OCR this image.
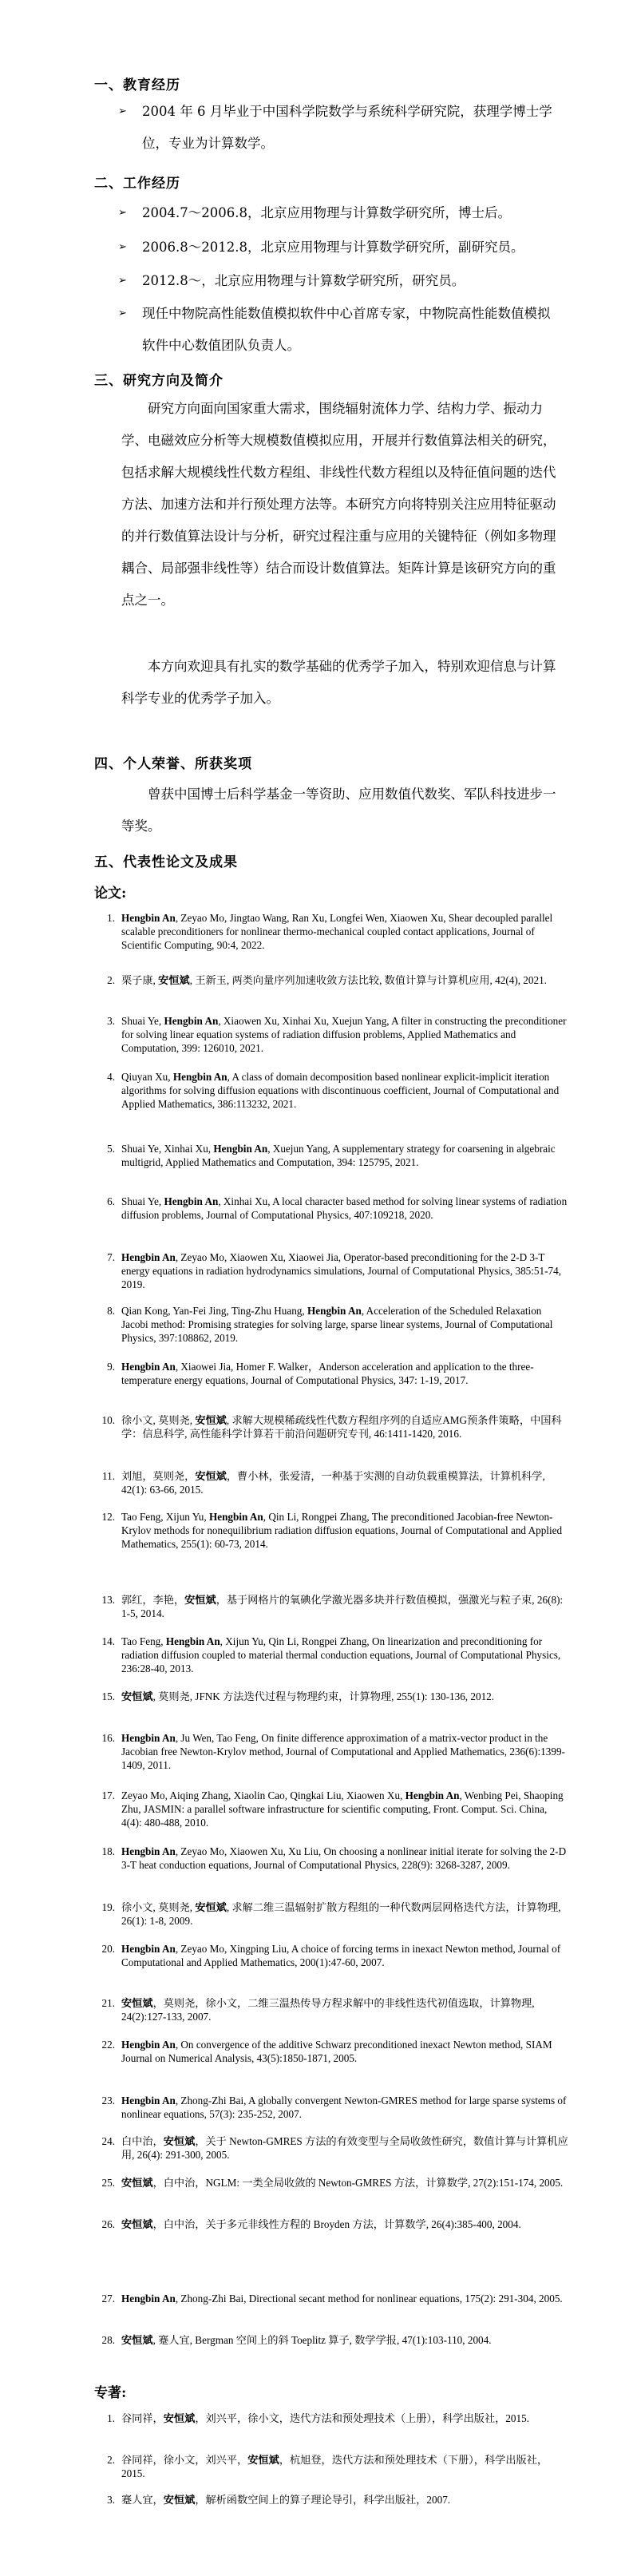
一、教育经历
➢ 2004 年 6 月毕业于中国科学院数学与系统科学研究院，获理学博士学位，专业为计算数学。
二、工作经历
➢ 2004.7～2006.8，北京应用物理与计算数学研究所，博士后。
➢ 2006.8～2012.8，北京应用物理与计算数学研究所，副研究员。
➢ 2012.8～，北京应用物理与计算数学研究所，研究员。
➢ 现任中物院高性能数值模拟软件中心首席专家，中物院高性能数值模拟软件中心数值团队负责人。
三、研究方向及简介
研究方向面向国家重大需求，围绕辐射流体力学、结构力学、振动力学、电磁效应分析等大规模数值模拟应用，开展并行数值算法相关的研究，包括求解大规模线性代数方程组、非线性代数方程组以及特征值问题的迭代方法、加速方法和并行预处理方法等。本研究方向将特别关注应用特征驱动的并行数值算法设计与分析，研究过程注重与应用的关键特征（例如多物理耦合、局部强非线性等）结合而设计数值算法。矩阵计算是该研究方向的重点之一。
本方向欢迎具有扎实的数学基础的优秀学子加入，特别欢迎信息与计算科学专业的优秀学子加入。
四、个人荣誉、所获奖项
曾获中国博士后科学基金一等资助、应用数值代数奖、军队科技进步一等奖。
五、代表性论文及成果
论文:
1. Hengbin An, Zeyao Mo, Jingtao Wang, Ran Xu, Longfei Wen, Xiaowen Xu, Shear decoupled parallel scalable preconditioners for nonlinear thermo-mechanical coupled contact applications, Journal of Scientific Computing, 90:4, 2022.
2. 栗子康, 安恒斌, 王新玉, 两类向量序列加速收敛方法比较, 数值计算与计算机应用, 42(4), 2021.
3. Shuai Ye, Hengbin An, Xiaowen Xu, Xinhai Xu, Xuejun Yang, A filter in constructing the preconditioner for solving linear equation systems of radiation diffusion problems, Applied Mathematics and Computation, 399: 126010, 2021.
4. Qiuyan Xu, Hengbin An, A class of domain decomposition based nonlinear explicit-implicit iteration algorithms for solving diffusion equations with discontinuous coefficient, Journal of Computational and Applied Mathematics, 386:113232, 2021.
5. Shuai Ye, Xinhai Xu, Hengbin An, Xuejun Yang, A supplementary strategy for coarsening in algebraic multigrid, Applied Mathematics and Computation, 394: 125795, 2021.
6. Shuai Ye, Hengbin An, Xinhai Xu, A local character based method for solving linear systems of radiation diffusion problems, Journal of Computational Physics, 407:109218, 2020.
7. Hengbin An, Zeyao Mo, Xiaowen Xu, Xiaowei Jia, Operator-based preconditioning for the 2-D 3-T energy equations in radiation hydrodynamics simulations, Journal of Computational Physics, 385:51-74, 2019.
8. Qian Kong, Yan-Fei Jing, Ting-Zhu Huang, Hengbin An, Acceleration of the Scheduled Relaxation Jacobi method: Promising strategies for solving large, sparse linear systems, Journal of Computational Physics, 397:108862, 2019.
9. Hengbin An, Xiaowei Jia, Homer F. Walker，Anderson acceleration and application to the three-temperature energy equations, Journal of Computational Physics, 347: 1-19, 2017.
10. 徐小文, 莫则尧, 安恒斌, 求解大规模稀疏线性代数方程组序列的自适应AMG预条件策略，中国科学：信息科学, 高性能科学计算若干前沿问题研究专刊, 46:1411-1420, 2016.
11. 刘旭，莫则尧，安恒斌，曹小林，张爱清，一种基于实测的自动负载重模算法，计算机科学, 42(1): 63-66, 2015.
12. Tao Feng, Xijun Yu, Hengbin An, Qin Li, Rongpei Zhang, The preconditioned Jacobian-free Newton-Krylov methods for nonequilibrium radiation diffusion equations, Journal of Computational and Applied Mathematics, 255(1): 60-73, 2014.
13. 郭红，李艳，安恒斌，基于网格片的氧碘化学激光器多块并行数值模拟，强激光与粒子束, 26(8): 1-5, 2014.
14. Tao Feng, Hengbin An, Xijun Yu, Qin Li, Rongpei Zhang, On linearization and preconditioning for radiation diffusion coupled to material thermal conduction equations, Journal of Computational Physics, 236:28-40, 2013.
15. 安恒斌, 莫则尧, JFNK 方法迭代过程与物理约束，计算物理, 255(1): 130-136, 2012.
16. Hengbin An, Ju Wen, Tao Feng, On finite difference approximation of a matrix-vector product in the Jacobian free Newton-Krylov method, Journal of Computational and Applied Mathematics, 236(6):1399-1409, 2011.
17. Zeyao Mo, Aiqing Zhang, Xiaolin Cao, Qingkai Liu, Xiaowen Xu, Hengbin An, Wenbing Pei, Shaoping Zhu, JASMIN: a parallel software infrastructure for scientific computing, Front. Comput. Sci. China, 4(4): 480-488, 2010.
18. Hengbin An, Zeyao Mo, Xiaowen Xu, Xu Liu, On choosing a nonlinear initial iterate for solving the 2-D 3-T heat conduction equations, Journal of Computational Physics, 228(9): 3268-3287, 2009.
19. 徐小文, 莫则尧, 安恒斌, 求解二维三温辐射扩散方程组的一种代数两层网格迭代方法，计算物理, 26(1): 1-8, 2009.
20. Hengbin An, Zeyao Mo, Xingping Liu, A choice of forcing terms in inexact Newton method, Journal of Computational and Applied Mathematics, 200(1):47-60, 2007.
21. 安恒斌，莫则尧，徐小文，二维三温热传导方程求解中的非线性迭代初值选取，计算物理, 24(2):127-133, 2007.
22. Hengbin An, On convergence of the additive Schwarz preconditioned inexact Newton method, SIAM Journal on Numerical Analysis, 43(5):1850-1871, 2005.
23. Hengbin An, Zhong-Zhi Bai, A globally convergent Newton-GMRES method for large sparse systems of nonlinear equations, 57(3): 235-252, 2007.
24. 白中治，安恒斌，关于 Newton-GMRES 方法的有效变型与全局收敛性研究，数值计算与计算机应用, 26(4): 291-300, 2005.
25. 安恒斌，白中治，NGLM: 一类全局收敛的 Newton-GMRES 方法，计算数学, 27(2):151-174, 2005.
26. 安恒斌，白中治，关于多元非线性方程的 Broyden 方法，计算数学, 26(4):385-400, 2004.
27. Hengbin An, Zhong-Zhi Bai, Directional secant method for nonlinear equations, 175(2): 291-304, 2005.
28. 安恒斌, 蹇人宜, Bergman 空间上的斜 Toeplitz 算子, 数学学报, 47(1):103-110, 2004.
专著:
1. 谷同祥，安恒斌，刘兴平，徐小文，迭代方法和预处理技术（上册），科学出版社，2015.
2. 谷同祥，徐小文，刘兴平，安恒斌，杭旭登，迭代方法和预处理技术（下册），科学出版社，2015.
3. 蹇人宜，安恒斌，解析函数空间上的算子理论导引，科学出版社，2007.
